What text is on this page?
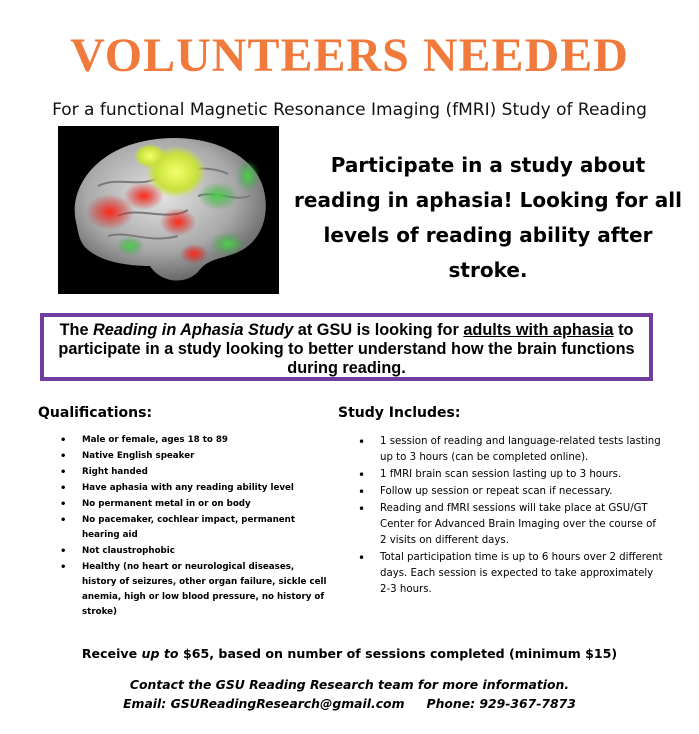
VOLUNTEERS NEEDED
For a functional Magnetic Resonance Imaging (fMRI) Study of Reading
Participate in a study about reading in aphasia! Looking for all levels of reading ability after stroke.
The Reading in Aphasia Study at GSU is looking for adults with aphasia to participate in a study looking to better understand how the brain functions during reading.
Qualifications:
• Male or female, ages 18 to 89
• Native English speaker
• Right handed
• Have aphasia with any reading ability level
• No permanent metal in or on body
• No pacemaker, cochlear impact, permanent hearing aid
• Not claustrophobic
• Healthy (no heart or neurological diseases, history of seizures, other organ failure, sickle cell anemia, high or low blood pressure, no history of stroke)
Study Includes:
• 1 session of reading and language-related tests lasting up to 3 hours (can be completed online).
• 1 fMRI brain scan session lasting up to 3 hours.
• Follow up session or repeat scan if necessary.
• Reading and fMRI sessions will take place at GSU/GT Center for Advanced Brain Imaging over the course of 2 visits on different days.
• Total participation time is up to 6 hours over 2 different days. Each session is expected to take approximately 2-3 hours.
Receive up to $65, based on number of sessions completed (minimum $15)
Contact the GSU Reading Research team for more information.
Email: GSUReadingResearch@gmail.com Phone: 929-367-7873
